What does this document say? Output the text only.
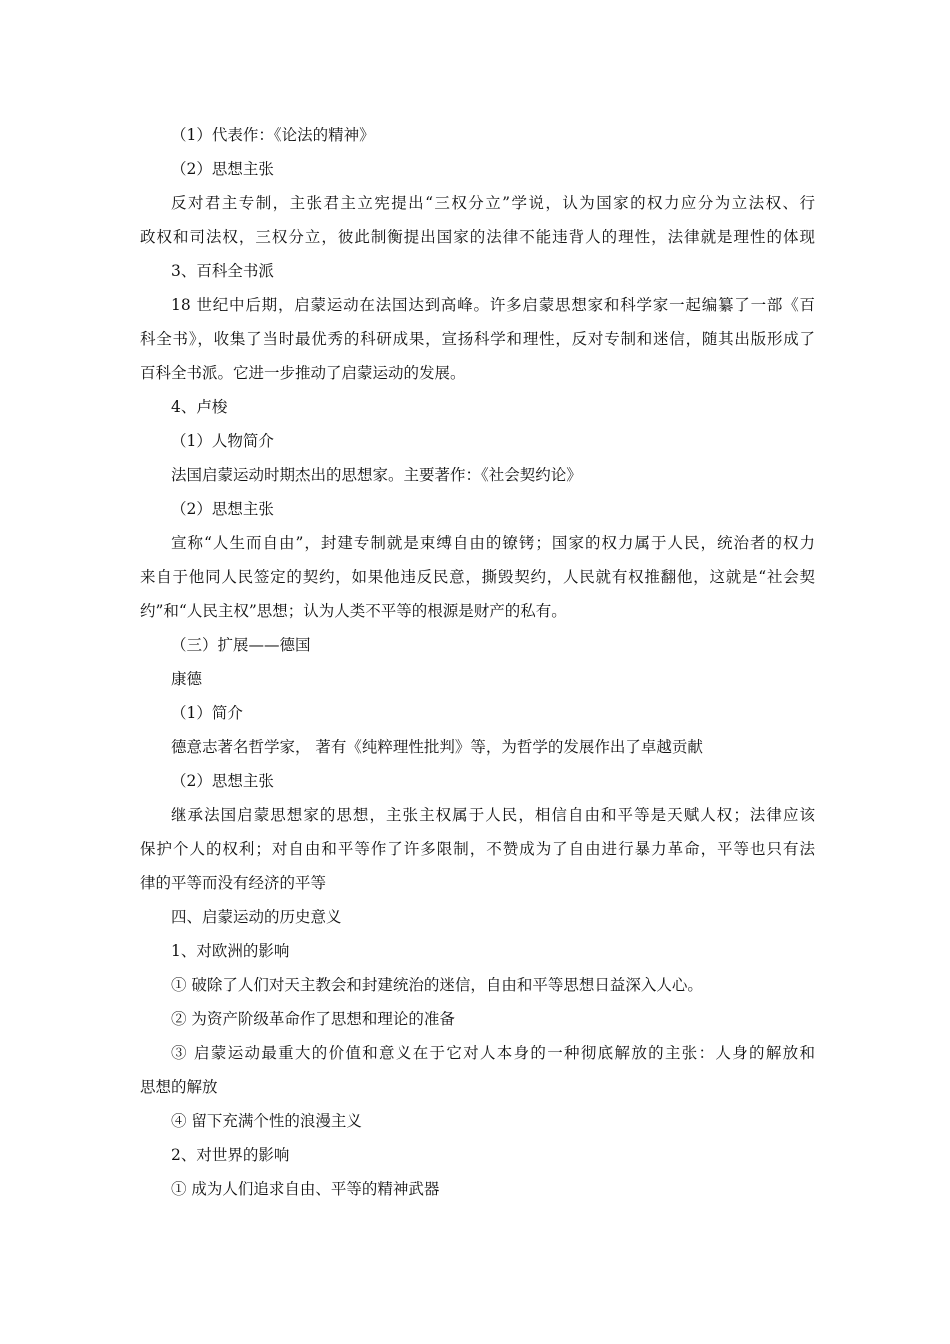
（1）代表作：《论法的精神》
（2）思想主张
反对君主专制，主张君主立宪提出“三权分立”学说，认为国家的权力应分为立法权、行
政权和司法权，三权分立，彼此制衡提出国家的法律不能违背人的理性，法律就是理性的体现
3、百科全书派
18 世纪中后期，启蒙运动在法国达到高峰。许多启蒙思想家和科学家一起编纂了一部《百
科全书》，收集了当时最优秀的科研成果，宣扬科学和理性，反对专制和迷信，随其出版形成了
百科全书派。它进一步推动了启蒙运动的发展。
4、卢梭
（1）人物简介
法国启蒙运动时期杰出的思想家。主要著作：《社会契约论》
（2）思想主张
宣称“人生而自由”，封建专制就是束缚自由的镣铐；国家的权力属于人民，统治者的权力
来自于他同人民签定的契约，如果他违反民意，撕毁契约，人民就有权推翻他，这就是“社会契
约”和“人民主权”思想；认为人类不平等的根源是财产的私有。
（三）扩展——德国
康德
（1）简介
德意志著名哲学家， 著有《纯粹理性批判》等，为哲学的发展作出了卓越贡献
（2）思想主张
继承法国启蒙思想家的思想，主张主权属于人民，相信自由和平等是天赋人权；法律应该
保护个人的权利；对自由和平等作了许多限制，不赞成为了自由进行暴力革命，平等也只有法
律的平等而没有经济的平等
四、启蒙运动的历史意义
1、对欧洲的影响
① 破除了人们对天主教会和封建统治的迷信，自由和平等思想日益深入人心。
② 为资产阶级革命作了思想和理论的准备
③ 启蒙运动最重大的价值和意义在于它对人本身的一种彻底解放的主张：人身的解放和
思想的解放
④ 留下充满个性的浪漫主义
2、对世界的影响
① 成为人们追求自由、平等的精神武器
